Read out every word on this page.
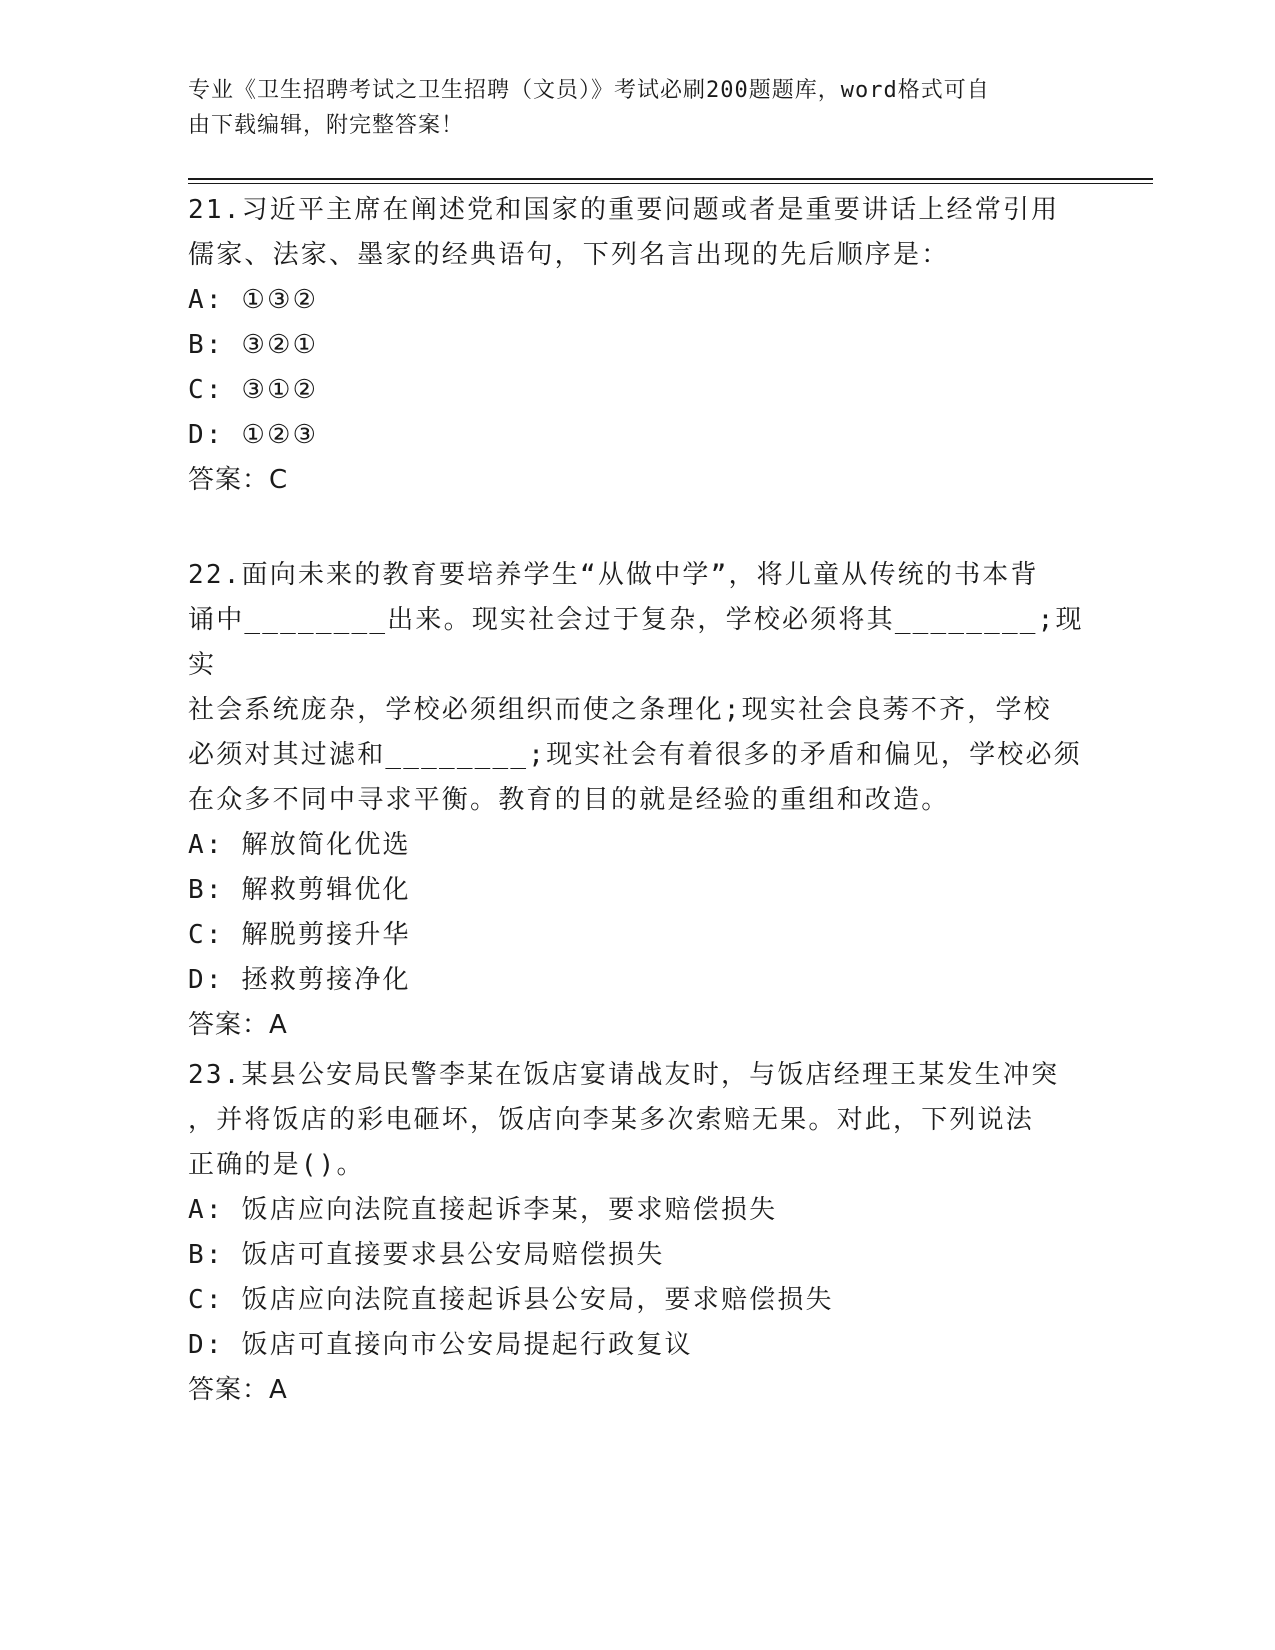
专业《卫生招聘考试之卫生招聘（文员）》考试必刷200题题库，word格式可自
由下载编辑，附完整答案！
21.习近平主席在阐述党和国家的重要问题或者是重要讲话上经常引用
儒家、法家、墨家的经典语句，下列名言出现的先后顺序是：
A: ①③②
B: ③②①
C: ③①②
D: ①②③
答案：C
22.面向未来的教育要培养学生“从做中学”，将儿童从传统的书本背
诵中________出来。现实社会过于复杂，学校必须将其________;现实
社会系统庞杂，学校必须组织而使之条理化;现实社会良莠不齐，学校
必须对其过滤和________;现实社会有着很多的矛盾和偏见，学校必须
在众多不同中寻求平衡。教育的目的就是经验的重组和改造。
A: 解放简化优选
B: 解救剪辑优化
C: 解脱剪接升华
D: 拯救剪接净化
答案：A
23.某县公安局民警李某在饭店宴请战友时，与饭店经理王某发生冲突
，并将饭店的彩电砸坏，饭店向李某多次索赔无果。对此，下列说法
正确的是()。
A: 饭店应向法院直接起诉李某，要求赔偿损失
B: 饭店可直接要求县公安局赔偿损失
C: 饭店应向法院直接起诉县公安局，要求赔偿损失
D: 饭店可直接向市公安局提起行政复议
答案：A
